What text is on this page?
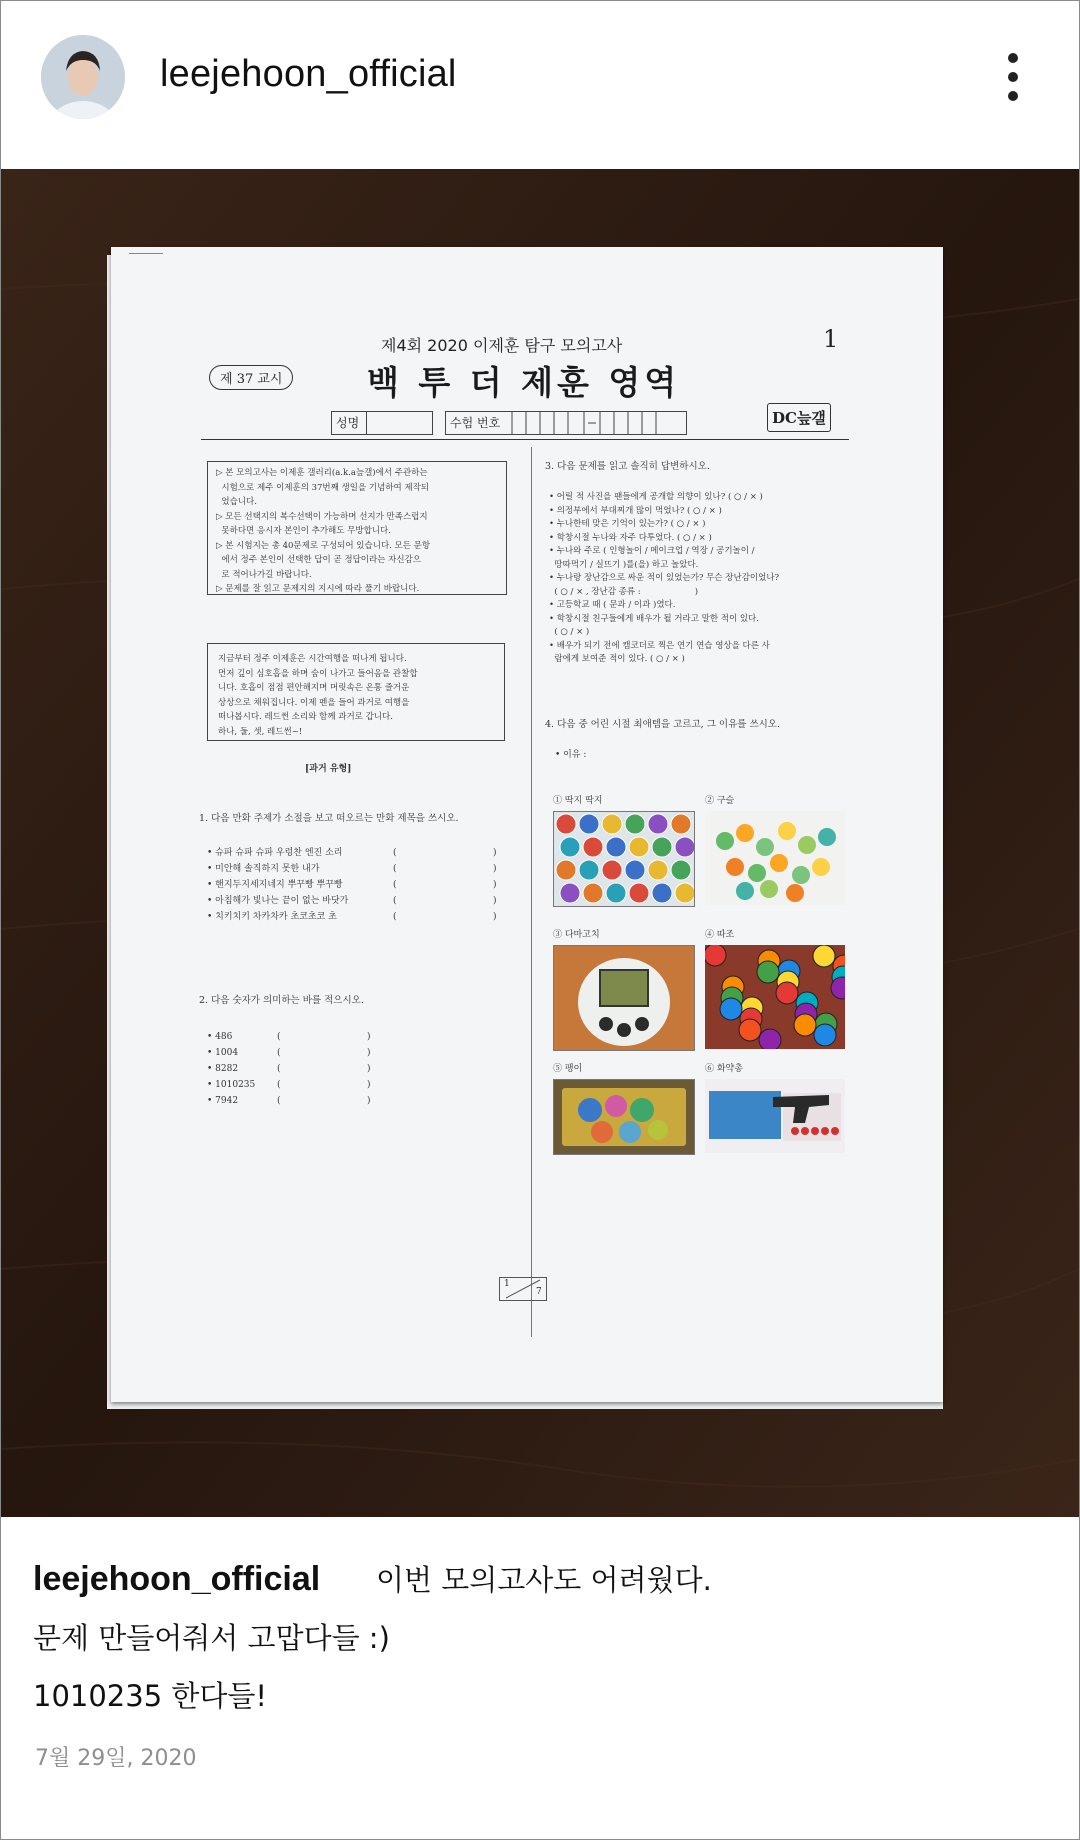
leejehoon_official
제4회 2020 이제훈 탐구 모의고사	1
제 37 교시	백 투 더 제훈 영역
성명	수험 번호	DC늪갤
▷ 본 모의고사는 이제훈 갤러리(a.k.a늪갤)에서 주관하는
시험으로 제주 이제훈의 37번째 생일을 기념하여 제작되
었습니다.
▷ 모든 선택지의 복수선택이 가능하며 선지가 만족스럽지
못하다면 응시자 본인이 추가해도 무방합니다.
▷ 본 시험지는 총 40문제로 구성되어 있습니다. 모든 문항
에서 정주 본인이 선택한 답이 곧 정답이라는 자신감으
로 적어나가길 바랍니다.
▷ 문제를 잘 읽고 문제지의 지시에 따라 풀기 바랍니다.
지금부터 정주 이제훈은 시간여행을 떠나게 됩니다.
먼저 깊이 심호흡을 하며 숨이 나가고 들어옴을 관찰합
니다. 호흡이 점점 편안해지며 머릿속은 온통 즐거운
상상으로 채워집니다. 이제 펜을 들어 과거로 여행을
떠나봅시다. 레드썬 소리와 함께 과거로 갑니다.
하나, 둘, 셋, 레드썬~!
[과거 유형]
1. 다음 만화 주제가 소절을 보고 떠오르는 만화 제목을 쓰시오.
• 슈파 슈파 슈파 우렁찬 엔진 소리	(	)
• 미안해 솔직하지 못한 내가	(	)
• 핸지두지세지네지 뿌꾸빵 뿌꾸빵	(	)
• 아침해가 빛나는 끝이 없는 바닷가	(	)
• 치키치키 차카차카 초코초코 초	(	)
2. 다음 숫자가 의미하는 바를 적으시오.
• 486	(	)
• 1004	(	)
• 8282	(	)
• 1010235 (	)
• 7942	(	)
3. 다음 문제를 읽고 솔직히 답변하시오.
• 어릴 적 사진을 팬들에게 공개할 의향이 있나? ( ○ / × )
• 의정부에서 부대찌개 많이 먹었나? ( ○ / × )
• 누나한테 맞은 기억이 있는가? ( ○ / × )
• 학창시절 누나와 자주 다투었다. ( ○ / × )
• 누나와 주로 ( 인형놀이 / 메이크업 / 역장 / 공기놀이 /
땅따먹기 / 실뜨기 )를(을) 하고 놀았다.
• 누나랑 장난감으로 싸운 적이 있었는가? 무슨 장난감이었나?
( ○ / × , 장난감 종류 :                    )
• 고등학교 때 ( 문과 / 이과 )였다.
• 학창시절 친구들에게 배우가 될 거라고 말한 적이 있다.
( ○ / × )
• 배우가 되기 전에 캠코더로 찍은 연기 연습 영상을 다른 사
람에게 보여준 적이 있다. ( ○ / × )
4. 다음 중 어린 시절 최애템을 고르고, 그 이유를 쓰시오.
• 이유 :
① 딱지 딱지	② 구슬
③ 다마고치	④ 따조
⑤ 팽이	⑥ 화약총
1
7
leejehoon_official 이번 모의고사도 어려웠다.
문제 만들어줘서 고맙다들 :)
1010235 한다들!
7월 29일, 2020
